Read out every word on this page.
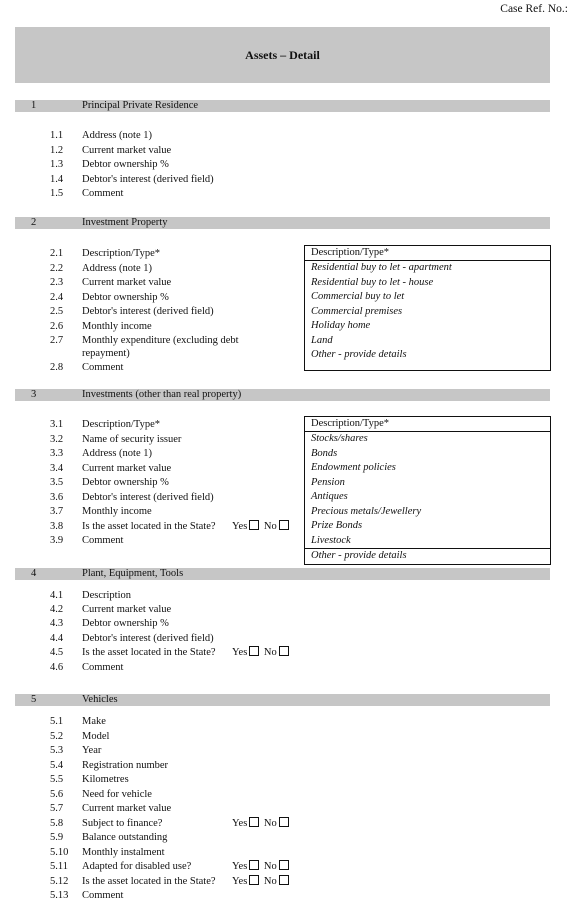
Case Ref. No.:
Assets – Detail
1	Principal Private Residence
1.1 Address (note 1)
1.2 Current market value
1.3 Debtor ownership %
1.4 Debtor's interest (derived field)
1.5 Comment
2	Investment Property
2.1 Description/Type*
2.2 Address (note 1)
2.3 Current market value
2.4 Debtor ownership %
2.5 Debtor's interest (derived field)
2.6 Monthly income
2.7 Monthly expenditure (excluding debt
repayment)
2.8 Comment
Description/Type*
Residential buy to let - apartment
Residential buy to let - house
Commercial buy to let
Commercial premises
Holiday home
Land
Other - provide details
3	Investments (other than real property)
3.1 Description/Type*
3.2 Name of security issuer
3.3 Address (note 1)
3.4 Current market value
3.5 Debtor ownership %
3.6 Debtor's interest (derived field)
3.7 Monthly income
3.8 Is the asset located in the State? Yes No
3.9 Comment
Description/Type*
Stocks/shares
Bonds
Endowment policies
Pension
Antiques
Precious metals/Jewellery
Prize Bonds
Livestock
Other - provide details
4	Plant, Equipment, Tools
4.1 Description
4.2 Current market value
4.3 Debtor ownership %
4.4 Debtor's interest (derived field)
4.5 Is the asset located in the State? Yes No
4.6 Comment
5	Vehicles
5.1 Make
5.2 Model
5.3 Year
5.4 Registration number
5.5 Kilometres
5.6 Need for vehicle
5.7 Current market value
5.8 Subject to finance?	Yes No
5.9 Balance outstanding
5.10 Monthly instalment
5.11 Adapted for disabled use?	Yes No
5.12 Is the asset located in the State? Yes No
5.13 Comment
